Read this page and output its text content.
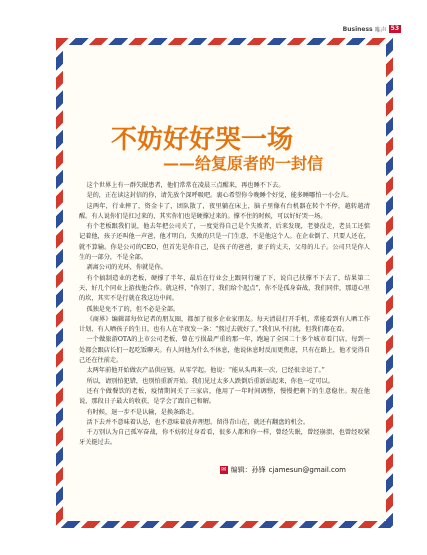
Business 唯声 53
不妨好好哭一场
——给复原者的一封信

这个世界上有一群失眠患者，他们常常在凌晨三点醒来，再也睡不下去。

是的，正在读这封信的你，请先放个深呼吸吧。裹心希望你今晚睡个好觉，能多睡哪怕一小会儿。

这两年，行业摔了，资金卡了，团队散了，夜里躺在床上，脑子里像有台机器在转个不停，越转越清醒。有人说你们是扛过来的，其实你们也是硬撑过来的。撑不住的时候，可以好好哭一场。

有个老板跟我们说，他去年把公司关了，一度觉得自己是个失败者，后来发现，老婆没走，老员工还惦记着他，孩子还叫他一声爸，他才明白，失败的只是一门生意，不是他这个人。在企业倒了、只要人还在，就不算输。你是公司的CEO，但首先是你自己，是孩子的爸爸，妻子的丈夫，父母的儿子。公司只是你人生的一部分，不是全部。

剥离公司的光环，你就是你。

有个搞制造业的老板，硬撑了半年，最后在行业会上跟同行碰了下，说自己扶撑不下去了，结果第二天，好几个同业上游找他合作。就这样，“你别了，我们给个起点”，你不是孤身奋战，我们同伴，那道心里的坎，其实不是行就在我这边中间。

孤独是免不了的，但不必是全部。

《商界》编辑部每位记者的朋友圈，都加了很多企业家朋友。每天清晨打开手机，常能看到有人晒工作计划、有人晒孩子的生日，也有人在半夜发一条：“熬过去就好了。”我们从不打扰，但我们都在看。

一个做旅游OTA的上市公司老板，曾在亏损最严重的那一年，跑遍了全国二十多个城市看门店，每到一处都会跟店长们一起吃饭聊天。有人问他为什么不休息，他说休息时反而更焦虑，只有在路上，他才觉得自己还在往前走。

太两年前他开始做农产品供应链，从零学起，他说：“能从头再来一次，已经很幸运了。”

所以，请别怕犯错，也别怕重新开始。我们见过太多人跌倒后重新站起来，你也一定可以。

还有个做餐饮的老板，疫情期间关了三家店，他用了一年时间调整，慢慢把剩下的生意稳住。现在他说，那段日子最大的收获，是学会了跟自己和解。

有时候，退一步不是认输，是换条路走。

活下去并不意味着认怂，也不意味着放弃理想。留得青山在，就还有翻盘的机会。

千万别认为自己孤军奋战，你不妨转过身看看，很多人都和你一样，曾经失眠，曾经崩溃，也曾经咬紧牙关挺过去。

✉ 编辑：孙锋 cjamesun@gmail.com
